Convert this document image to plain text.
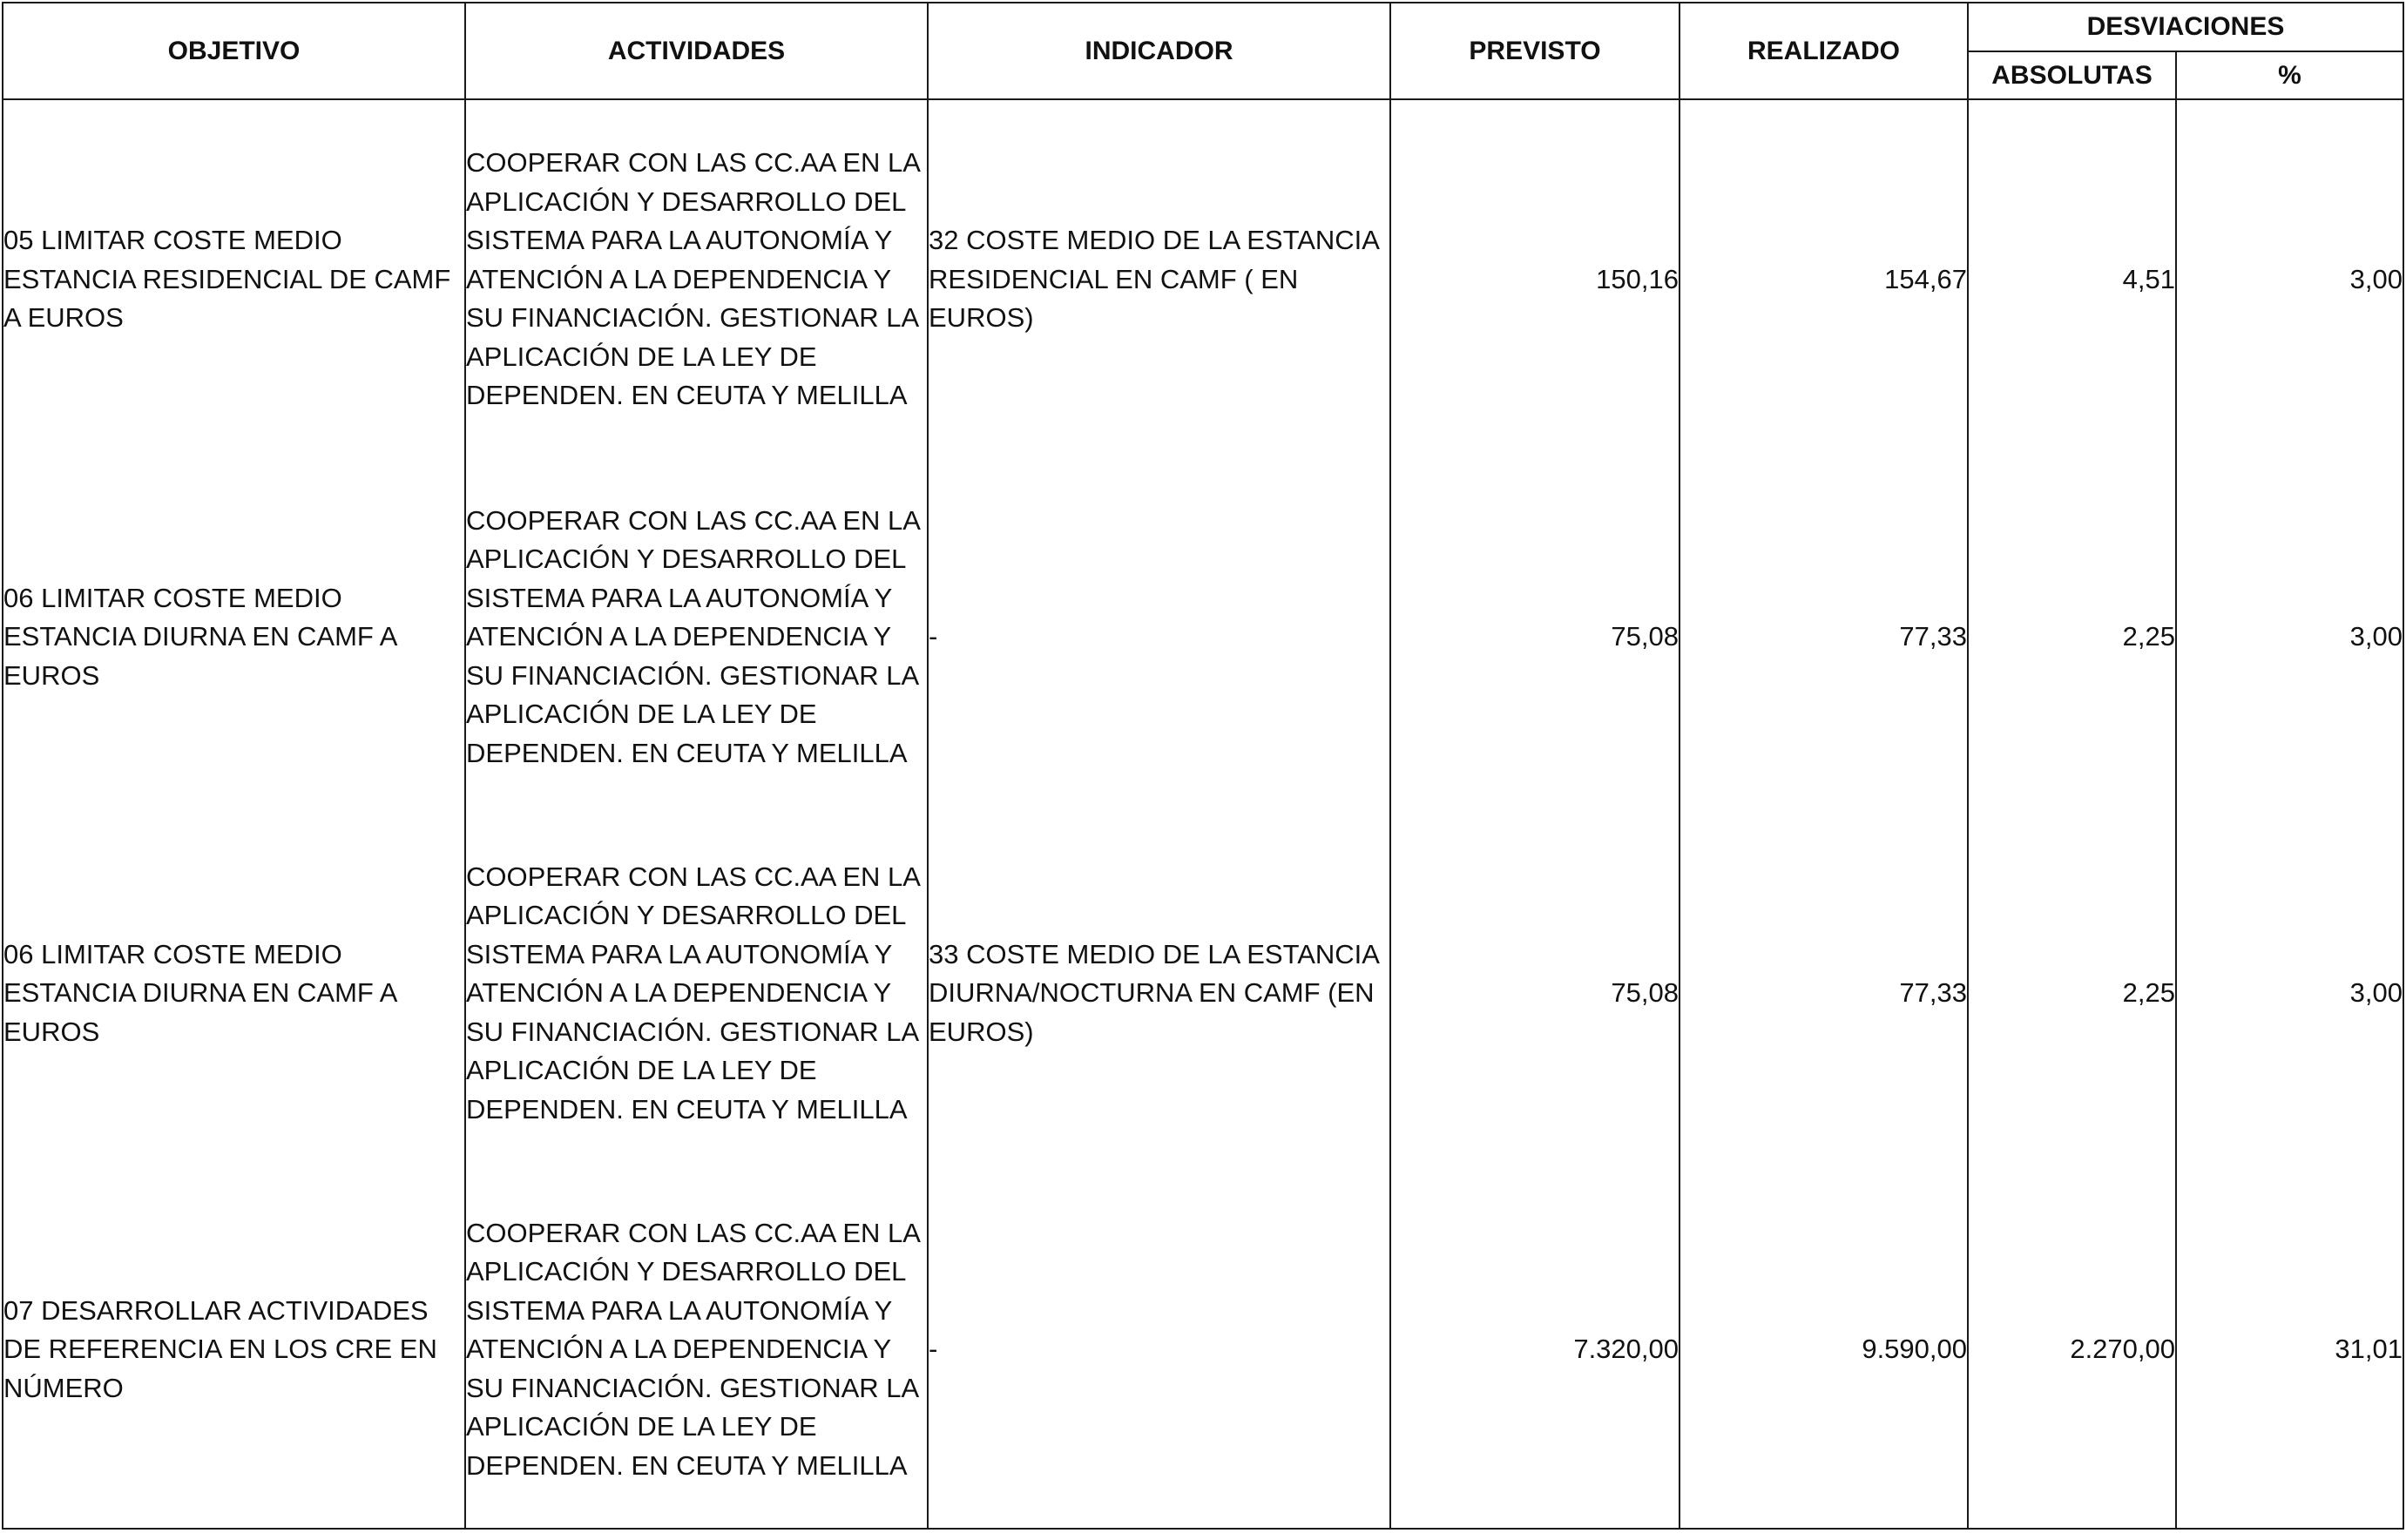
OBJETIVO	ACTIVIDADES	INDICADOR	PREVISTO	REALIZADO	DESVIACIONES	
					ABSOLUTAS	%
05 LIMITAR COSTE MEDIO ESTANCIA RESIDENCIAL DE CAMF A EUROS	COOPERAR CON LAS CC.AA EN LA APLICACIÓN Y DESARROLLO DEL SISTEMA PARA LA AUTONOMÍA Y ATENCIÓN A LA DEPENDENCIA Y SU FINANCIACIÓN. GESTIONAR LA APLICACIÓN DE LA LEY DE DEPENDEN. EN CEUTA Y MELILLA	32 COSTE MEDIO DE LA ESTANCIA RESIDENCIAL EN CAMF ( EN EUROS)	150,16	154,67	4,51	3,00
06 LIMITAR COSTE MEDIO ESTANCIA DIURNA EN CAMF A EUROS	COOPERAR CON LAS CC.AA EN LA APLICACIÓN Y DESARROLLO DEL SISTEMA PARA LA AUTONOMÍA Y ATENCIÓN A LA DEPENDENCIA Y SU FINANCIACIÓN. GESTIONAR LA APLICACIÓN DE LA LEY DE DEPENDEN. EN CEUTA Y MELILLA	-	75,08	77,33	2,25	3,00
06 LIMITAR COSTE MEDIO ESTANCIA DIURNA EN CAMF A EUROS	COOPERAR CON LAS CC.AA EN LA APLICACIÓN Y DESARROLLO DEL SISTEMA PARA LA AUTONOMÍA Y ATENCIÓN A LA DEPENDENCIA Y SU FINANCIACIÓN. GESTIONAR LA APLICACIÓN DE LA LEY DE DEPENDEN. EN CEUTA Y MELILLA	33 COSTE MEDIO DE LA ESTANCIA DIURNA/NOCTURNA EN CAMF (EN EUROS)	75,08	77,33	2,25	3,00
07 DESARROLLAR ACTIVIDADES DE REFERENCIA EN LOS CRE EN NÚMERO	COOPERAR CON LAS CC.AA EN LA APLICACIÓN Y DESARROLLO DEL SISTEMA PARA LA AUTONOMÍA Y ATENCIÓN A LA DEPENDENCIA Y SU FINANCIACIÓN. GESTIONAR LA APLICACIÓN DE LA LEY DE DEPENDEN. EN CEUTA Y MELILLA	-	7.320,00	9.590,00	2.270,00	31,01
